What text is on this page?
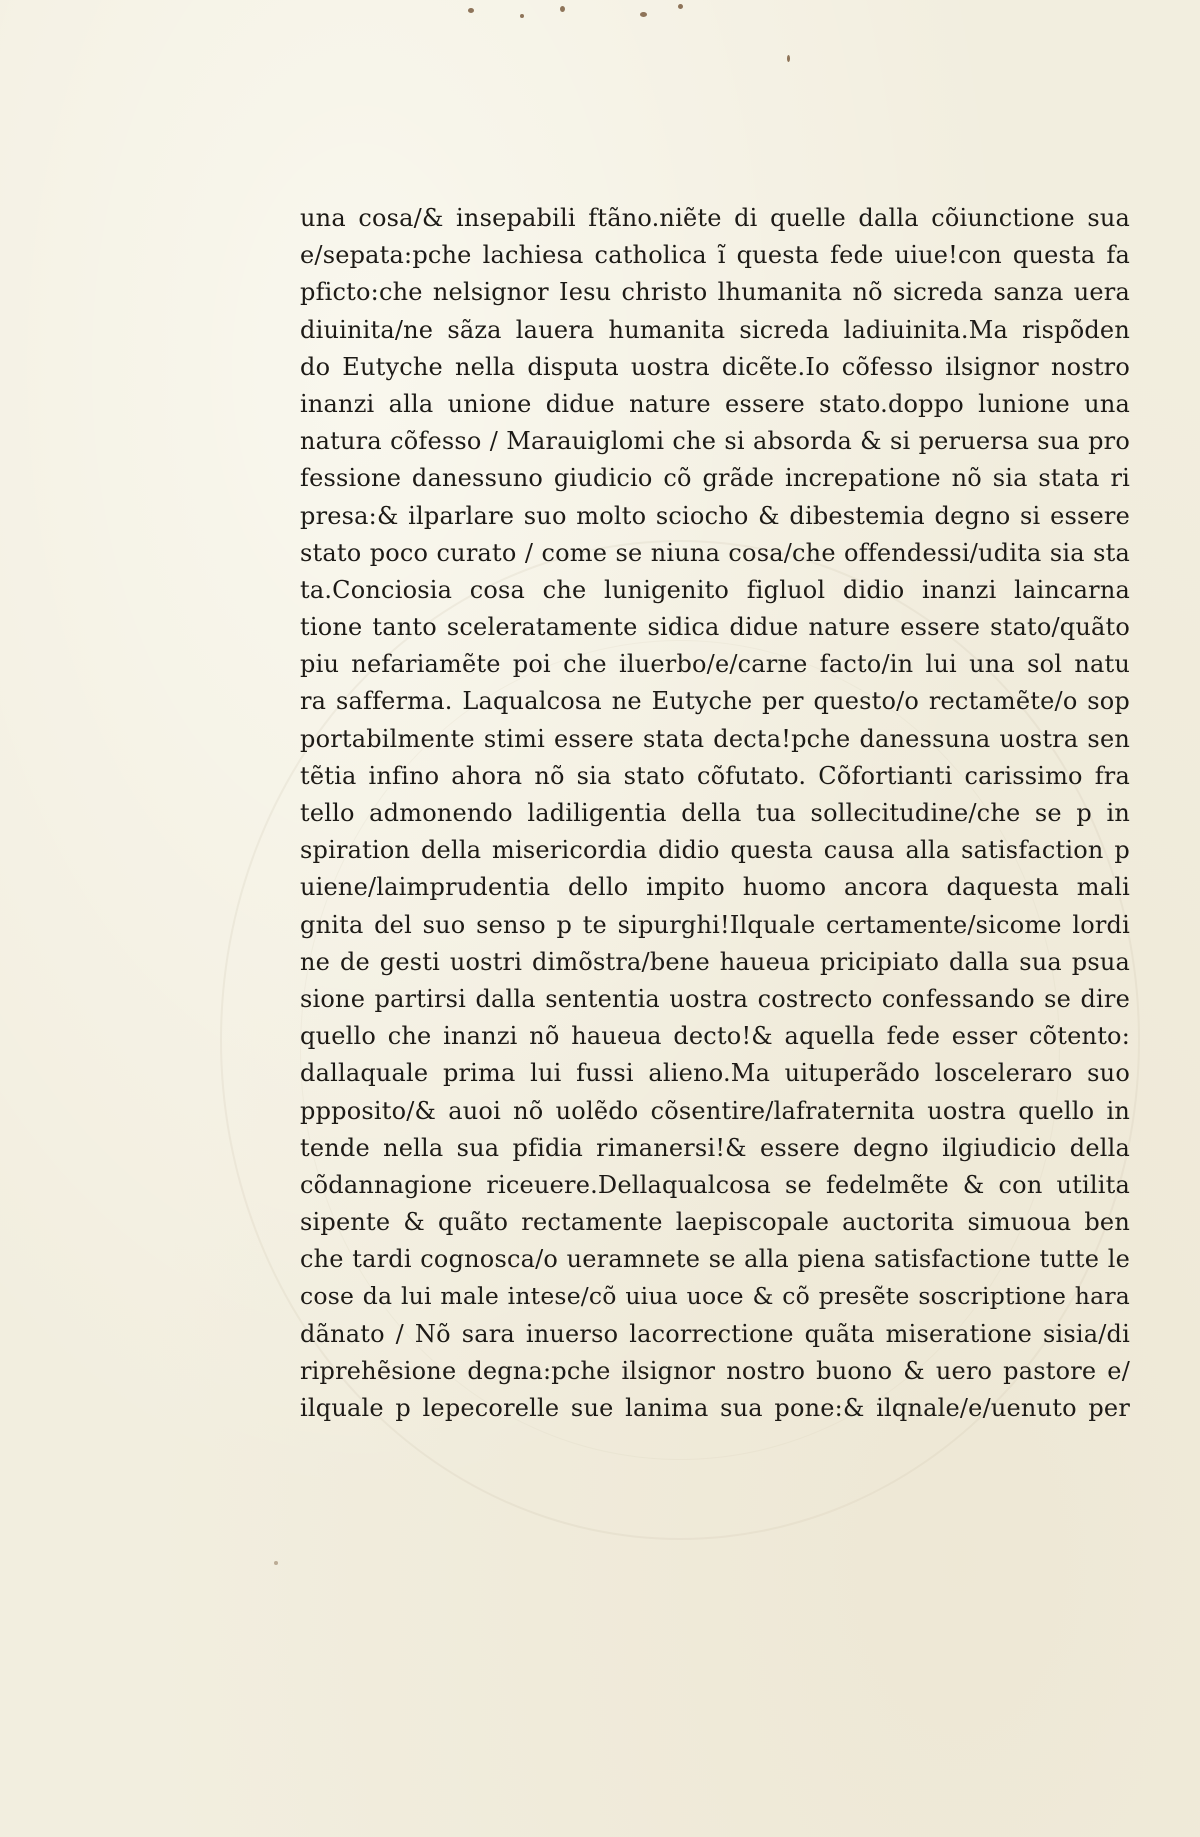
una cosa/& insepabili ftãno.niẽte di quelle dalla cõiunctione sua
e/sepata:pche lachiesa catholica ĩ questa fede uiue!con questa fa
pficto:che nelsignor Iesu christo lhumanita nõ sicreda sanza uera
diuinita/ne sãza lauera humanita sicreda ladiuinita.Ma rispõden
do Eutyche nella disputa uostra dicẽte.Io cõfesso ilsignor nostro
inanzi alla unione didue nature essere stato.doppo lunione una
natura cõfesso / Marauiglomi che si absorda & si peruersa sua pro
fessione danessuno giudicio cõ grãde increpatione nõ sia stata ri
presa:& ilparlare suo molto sciocho & dibestemia degno si essere
stato poco curato / come se niuna cosa/che offendessi/udita sia sta
ta.Conciosia cosa che lunigenito figluol didio inanzi laincarna
tione tanto sceleratamente sidica didue nature essere stato/quãto
piu nefariamẽte poi che iluerbo/e/carne facto/in lui una sol natu
ra safferma. Laqualcosa ne Eutyche per questo/o rectamẽte/o sop
portabilmente stimi essere stata decta!pche danessuna uostra sen
tẽtia infino ahora nõ sia stato cõfutato. Cõfortianti carissimo fra
tello admonendo ladiligentia della tua sollecitudine/che se p in
spiration della misericordia didio questa causa alla satisfaction p
uiene/laimprudentia dello impito huomo ancora daquesta mali
gnita del suo senso p te sipurghi!Ilquale certamente/sicome lordi
ne de gesti uostri dimõstra/bene haueua pricipiato dalla sua psua
sione partirsi dalla sententia uostra costrecto confessando se dire
quello che inanzi nõ haueua decto!& aquella fede esser cõtento:
dallaquale prima lui fussi alieno.Ma uituperãdo losceleraro suo
ppposito/& auoi nõ uolẽdo cõsentire/lafraternita uostra quello in
tende nella sua pfidia rimanersi!& essere degno ilgiudicio della
cõdannagione riceuere.Dellaqualcosa se fedelmẽte & con utilita
sipente & quãto rectamente laepiscopale auctorita simuoua ben
che tardi cognosca/o ueramnete se alla piena satisfactione tutte le
cose da lui male intese/cõ uiua uoce & cõ presẽte soscriptione hara
dãnato / Nõ sara inuerso lacorrectione quãta miseratione sisia/di
riprehẽsione degna:pche ilsignor nostro buono & uero pastore e/
ilquale p lepecorelle sue lanima sua pone:& ilqnale/e/uenuto per
